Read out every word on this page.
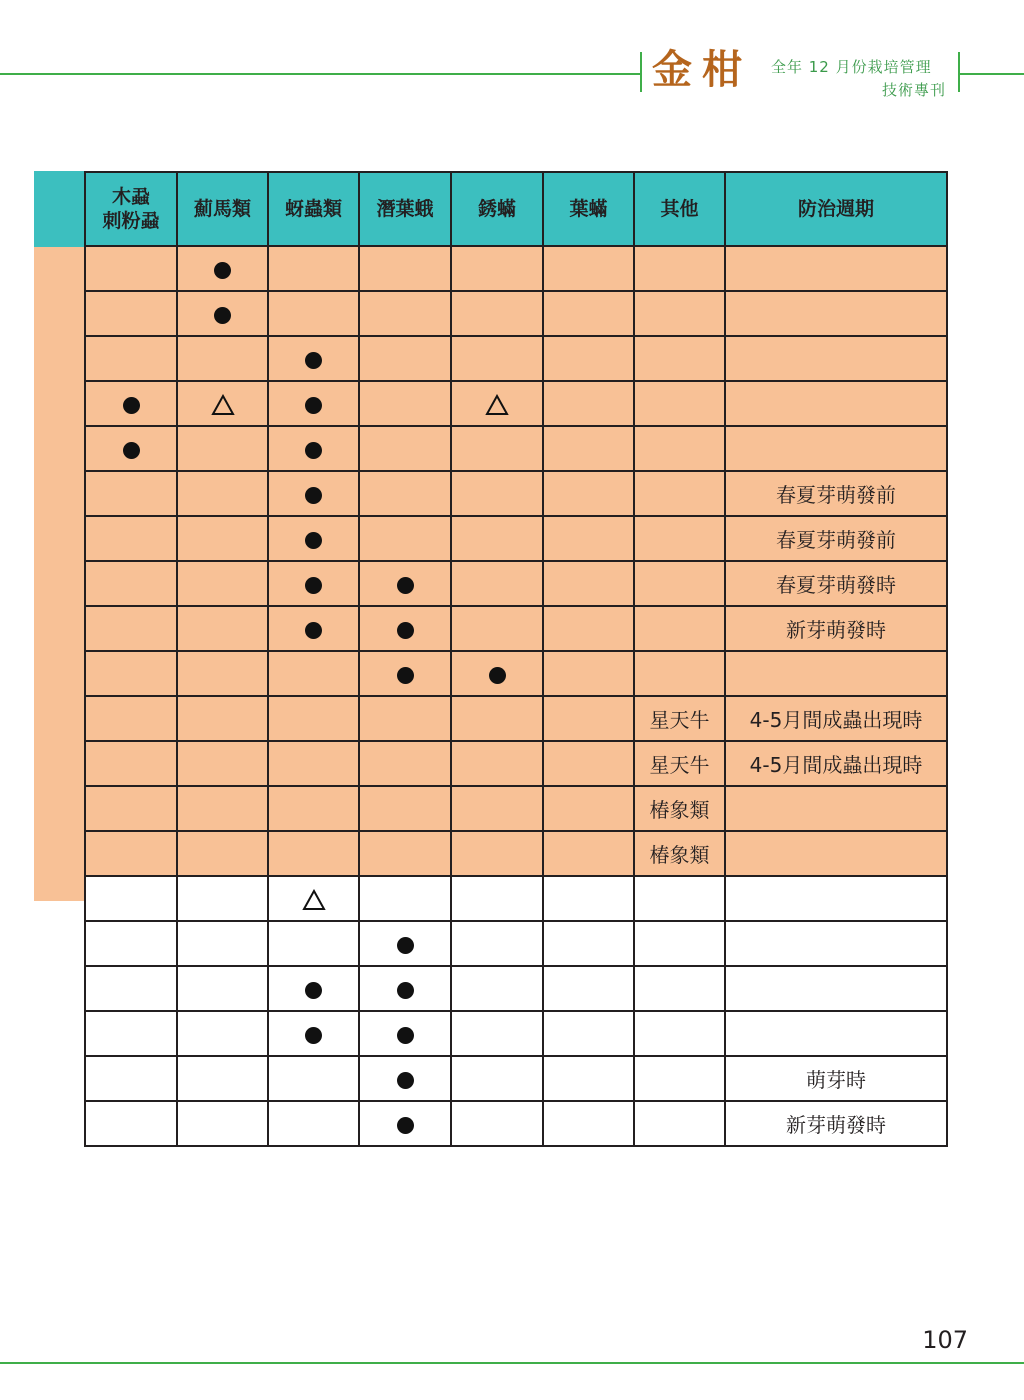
金柑 全年 12 月份栽培管理
技術專刊
木蝨
刺粉蝨	薊馬類	蚜蟲類	潛葉蛾	銹蟎	葉蟎	其他	防治週期

							春夏芽萌發前
							春夏芽萌發前
							春夏芽萌發時
							新芽萌發時

						星天牛	4-5月間成蟲出現時
						星天牛	4-5月間成蟲出現時
						椿象類	
						椿象類	

							萌芽時
							新芽萌發時
107
